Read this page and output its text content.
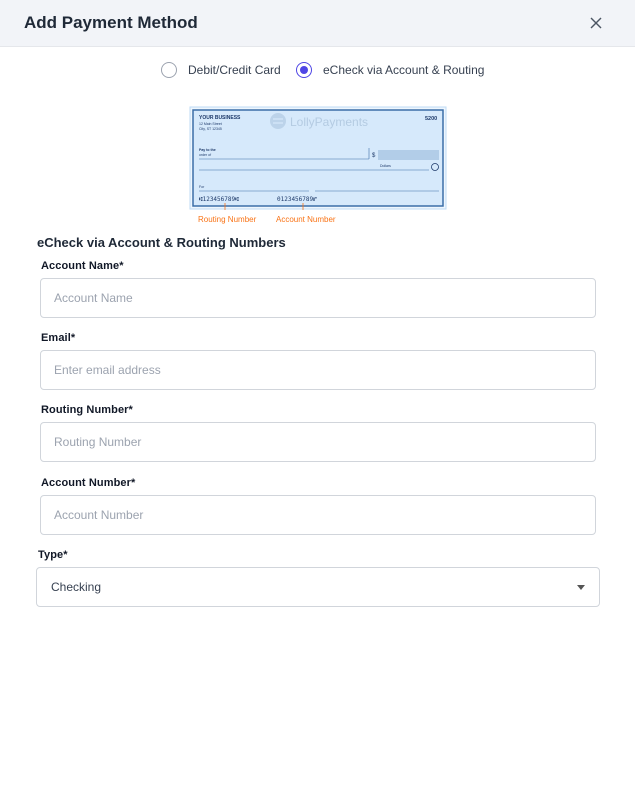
Add Payment Method
Debit/Credit Card	eCheck via Account & Routing
YOUR BUSINESS
12 Main Street
City, ST 12345
5200
LollyPayments
Pay to the
order of	$
Dollars
For
⑆123456789⑆	0123456789⑈
Routing Number Account Number
eCheck via Account & Routing Numbers
Account Name*
Account Name
Email*
Enter email address
Routing Number*
Routing Number
Account Number*
Account Number
Type*
Checking
